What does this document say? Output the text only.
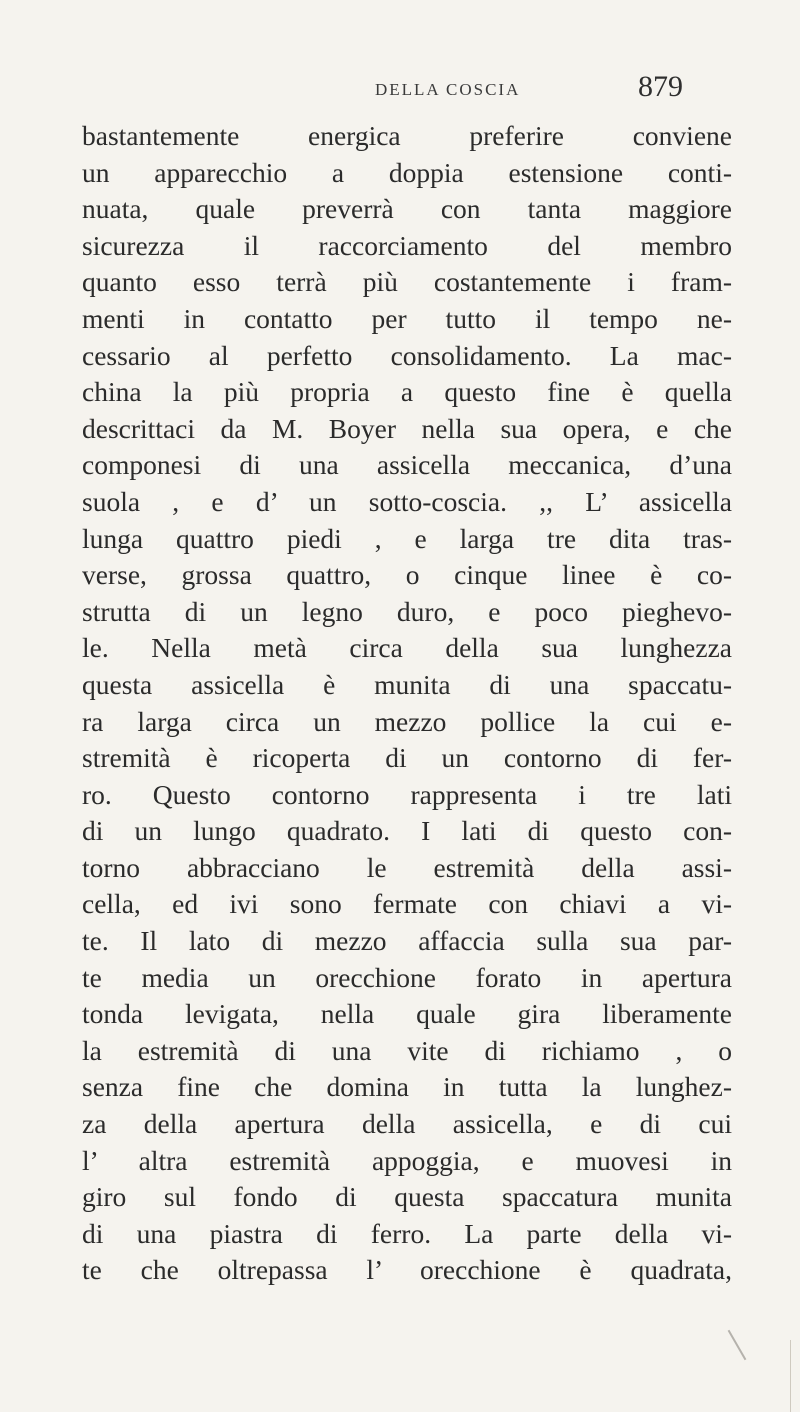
DELLA COSCIA	879
bastantemente energica preferire conviene
un apparecchio a doppia estensione conti-
nuata, quale preverrà con tanta maggiore
sicurezza il raccorciamento del membro
quanto esso terrà più costantemente i fram-
menti in contatto per tutto il tempo ne-
cessario al perfetto consolidamento. La mac-
china la più propria a questo fine è quella
descrittaci da M. Boyer nella sua opera, e che
componesi di una assicella meccanica, d’una
suola , e d’ un sotto-coscia. ,, L’ assicella
lunga quattro piedi , e larga tre dita tras-
verse, grossa quattro, o cinque linee è co-
strutta di un legno duro, e poco pieghevo-
le. Nella metà circa della sua lunghezza
questa assicella è munita di una spaccatu-
ra larga circa un mezzo pollice la cui e-
stremità è ricoperta di un contorno di fer-
ro. Questo contorno rappresenta i tre lati
di un lungo quadrato. I lati di questo con-
torno abbracciano le estremità della assi-
cella, ed ivi sono fermate con chiavi a vi-
te. Il lato di mezzo affaccia sulla sua par-
te media un orecchione forato in apertura
tonda levigata, nella quale gira liberamente
la estremità di una vite di richiamo , o
senza fine che domina in tutta la lunghez-
za della apertura della assicella, e di cui
l’ altra estremità appoggia, e muovesi in
giro sul fondo di questa spaccatura munita
di una piastra di ferro. La parte della vi-
te che oltrepassa l’ orecchione è quadrata,
